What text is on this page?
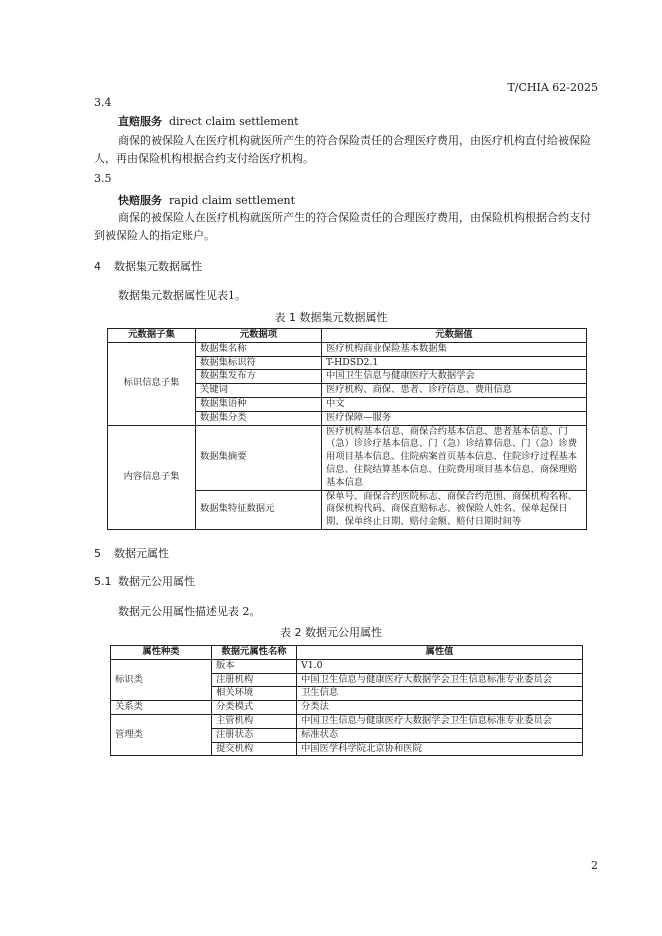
T/CHIA 62-2025
3.4
直赔服务 direct claim settlement
商保的被保险人在医疗机构就医所产生的符合保险责任的合理医疗费用，由医疗机构直付给被保险人，再由保险机构根据合约支付给医疗机构。
3.5
快赔服务 rapid claim settlement
商保的被保险人在医疗机构就医所产生的符合保险责任的合理医疗费用，由保险机构根据合约支付到被保险人的指定账户。
4 数据集元数据属性
数据集元数据属性见表1。
表 1 数据集元数据属性
元数据子集	元数据项	元数据值
标识信息子集	数据集名称	医疗机构商业保险基本数据集
	数据集标识符	T-HDSD2.1
	数据集发布方	中国卫生信息与健康医疗大数据学会
	关键词	医疗机构、商保、患者、诊疗信息、费用信息
	数据集语种	中文
	数据集分类	医疗保障—服务
内容信息子集	数据集摘要	医疗机构基本信息、商保合约基本信息、患者基本信息、门（急）诊诊疗基本信息、门（急）诊结算信息、门（急）诊费用项目基本信息、住院病案首页基本信息、住院诊疗过程基本信息、住院结算基本信息、住院费用项目基本信息、商保理赔基本信息
	数据集特征数据元	保单号、商保合约医院标志、商保合约范围、商保机构名称、商保机构代码、商保直赔标志、被保险人姓名、保单起保日期、保单终止日期、赔付金额、赔付日期时间等
5 数据元属性
5.1 数据元公用属性
数据元公用属性描述见表 2。
表 2 数据元公用属性
属性种类	数据元属性名称	属性值
标识类	版本	V1.0
	注册机构	中国卫生信息与健康医疗大数据学会卫生信息标准专业委员会
	相关环境	卫生信息
关系类	分类模式	分类法
管理类	主管机构	中国卫生信息与健康医疗大数据学会卫生信息标准专业委员会
	注册状态	标准状态
	提交机构	中国医学科学院北京协和医院
2
